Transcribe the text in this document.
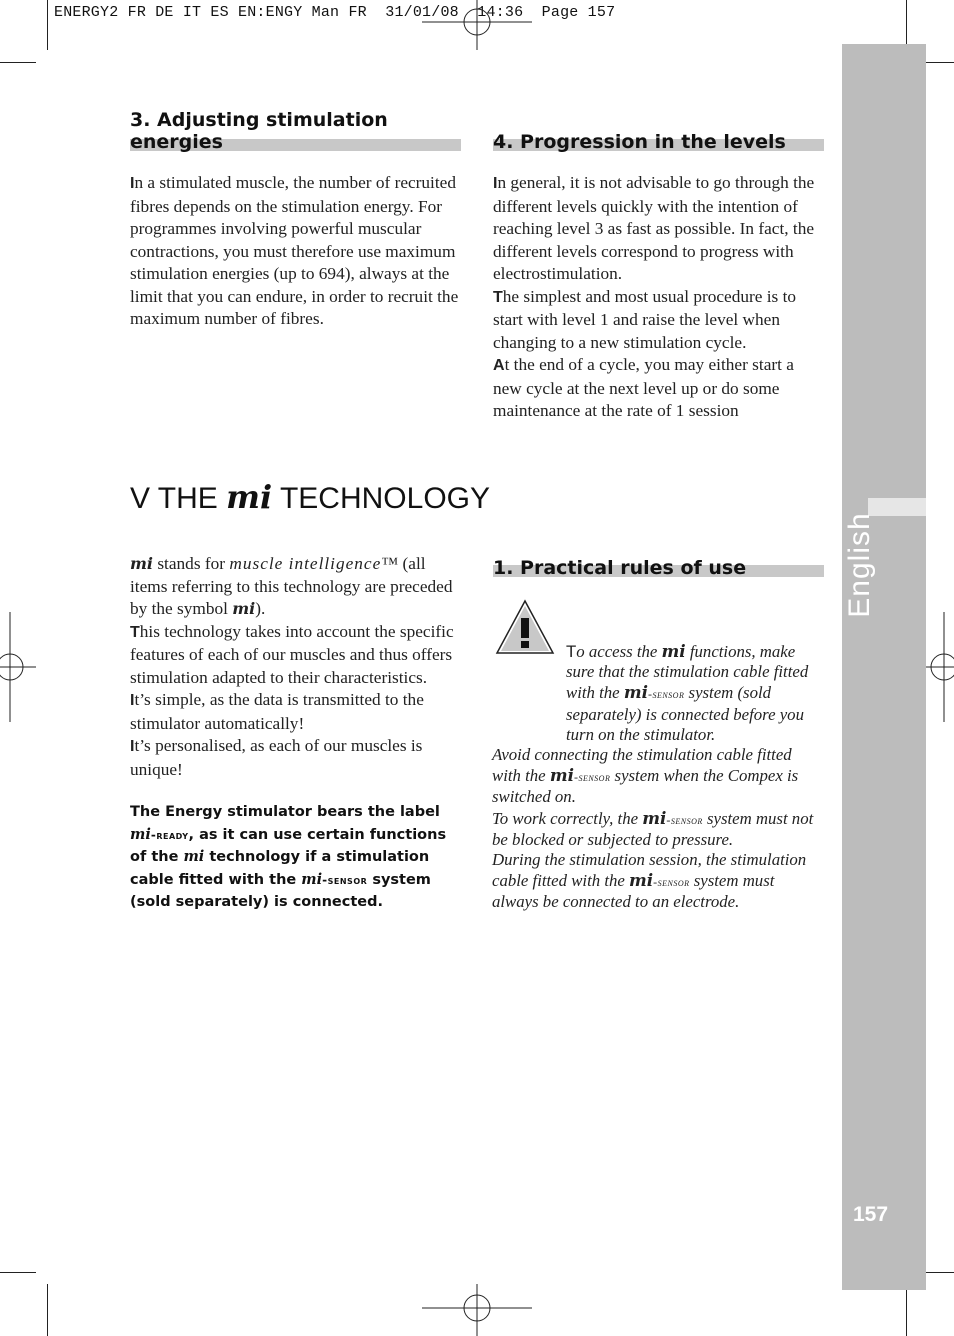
ENERGY2 FR DE IT ES EN:ENGY Man FR  31/01/08  14:36  Page 157
English
157
3. Adjusting stimulation energies
In a stimulated muscle, the number of recruited fibres depends on the stimulation energy. For programmes involving powerful muscular contractions, you must therefore use maximum stimulation energies (up to 694), always at the limit that you can endure, in order to recruit the maximum number of fibres.
4. Progression in the levels
In general, it is not advisable to go through the different levels quickly with the intention of reaching level 3 as fast as possible. In fact, the different levels correspond to progress with electrostimulation.
The simplest and most usual procedure is to start with level 1 and raise the level when changing to a new stimulation cycle.
At the end of a cycle, you may either start a new cycle at the next level up or do some maintenance at the rate of 1 session
V THE mi TECHNOLOGY
mi stands for muscle intelligence™ (all items referring to this technology are preceded by the symbol mi).
This technology takes into account the specific features of each of our muscles and thus offers stimulation adapted to their characteristics.
It’s simple, as the data is transmitted to the stimulator automatically!
It’s personalised, as each of our muscles is unique!
The Energy stimulator bears the label mi-ready, as it can use certain functions of the mi technology if a stimulation cable fitted with the mi-sensor system (sold separately) is connected.
1. Practical rules of use
To access the mi functions, make sure that the stimulation cable fitted with the mi-sensor system (sold separately) is connected before you turn on the stimulator.
Avoid connecting the stimulation cable fitted with the mi-sensor system when the Compex is switched on.
To work correctly, the mi-sensor system must not be blocked or subjected to pressure.
During the stimulation session, the stimulation cable fitted with the mi-sensor system must always be connected to an electrode.
